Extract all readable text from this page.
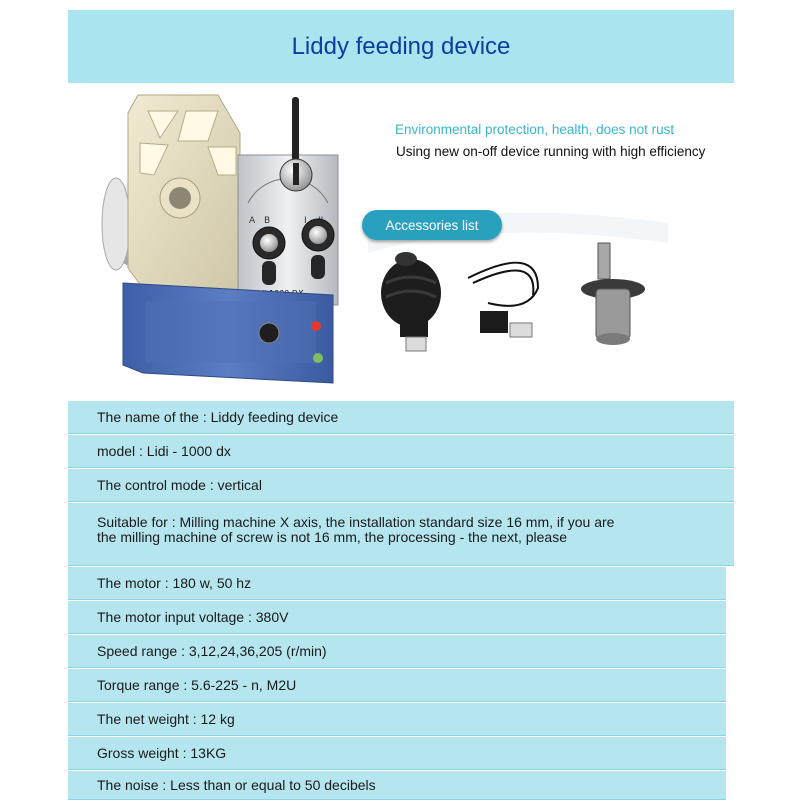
Liddy feeding device
A B	I
Environmental protection, health, does not rust
Using new on-off device running with high efficiency
Accessories list
The name of the : Liddy feeding device
model : Lidi - 1000 dx
The control mode : vertical
Suitable for : Milling machine X axis, the installation standard size 16 mm, if you are the milling machine of screw is not 16 mm, the processing - the next, please
The motor : 180 w, 50 hz
The motor input voltage : 380V
Speed range : 3,12,24,36,205 (r/min)
Torque range : 5.6-225 - n, M2U
The net weight : 12 kg
Gross weight : 13KG
The noise : Less than or equal to 50 decibels
